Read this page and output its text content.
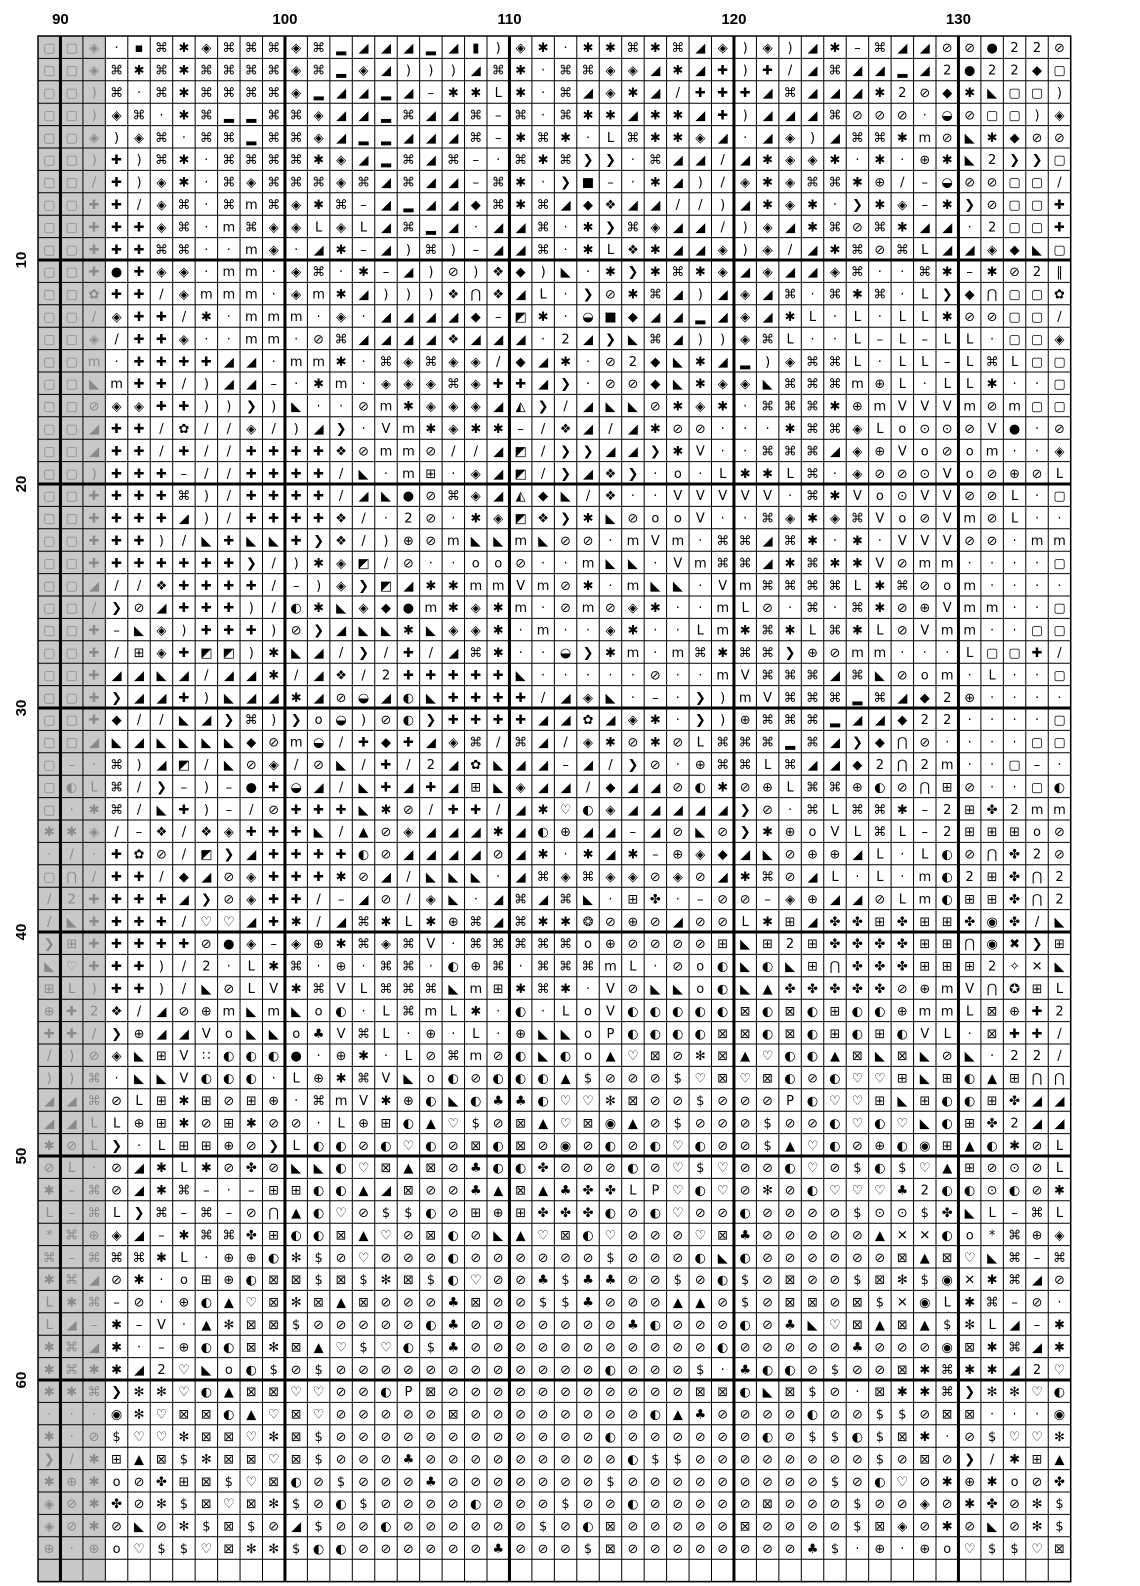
▢ ▢ ◈ · ▪ ⌘ ✱ ◈ ⌘ ⌘ ⌘ ◈ ⌘ ▂ ◢ ◢ ◢ ▂ ◢ ▮ ) ◈ ✱ · ✱ ✱ ⌘ ✱ ⌘ ◢ ◈ ) ◈ ) ◢ ✱ – ⌘ ◢ ◢ ⊘ ⊘ ● 2 2 ⊘
▢ ▢ ◈ ⌘ ✱ ⌘ ✱ ⌘ ⌘ ⌘ ⌘ ◈ ⌘ ▂ ◈ ◢ ) ) ) ◢ ⌘ ✱ · ⌘ ⌘ ◈ ◈ ◢ ✱ ◢ ✚ ) ✚ / ◢ ⌘ ◢ ◢ ▂ ◢ 2 ● 2 2 ◆ ▢
▢ ▢ ) ⌘ · ⌘ ✱ ⌘ ⌘ ⌘ ⌘ ◈ ▂ ◢ ◢ ▂ ◢ – ✱ ✱ L ✱ · ⌘ ◢ ◈ ✱ ◢ / ✚ ✚ ✚ ◢ ⌘ ◢ ◢ ◢ ✱ 2 ⊘ ◆ ✱ ◣ ▢ ▢ )
▢ ▢ ) ◈ ⌘ · ✱ ⌘ ▂ ▂ ⌘ ⌘ ◈ ◢ ◢ ▂ ⌘ ◢ ◢ ⌘ – ⌘ · ⌘ ✱ ✱ ◢ ✱ ✱ ◢ ✚ ) ◢ ◢ ◢ ⌘ ⊘ ⊘ ⊘ · ◒ ⊘ ▢ ▢ ) ◈
▢ ▢ ◈ ) ◈ ⌘ · ⌘ ⌘ ▂ ⌘ ⌘ ◈ ◢ ▂ ▂ ◢ ◢ ◢ ⌘ – ✱ ⌘ ✱ · L ⌘ ✱ ✱ ◈ ◢ · ◢ ◈ ) ◢ ⌘ ⌘ ✱ m ⊘ ◣ ✱ ◆ ⊘ ⊘
▢ ▢ ) ✚ ) ⌘ ✱ · ⌘ ⌘ ⌘ ⌘ ✱ ◈ ◢ ▂ ⌘ ◢ ⌘ – · ⌘ ✱ ⌘ ❯ ❯ · ⌘ ◢ ◢ / ◢ ✱ ◈ ◈ ✱ · ✱ · ⊕ ✱ ◣ 2 ❯ ❯ ▢
▢ ▢ / ✚ ) ◈ ✱ · ⌘ ◈ ⌘ ⌘ ⌘ ◈ ⌘ ◢ ⌘ ◢ ◢ – ⌘ ✱ · ❯ ■ – · ✱ ◢ ) / ◈ ✱ ◈ ⌘ ⌘ ✱ ⊕ / – ◒ ⊘ ⊘ ▢ ▢ /
▢ ▢ ✚ ✚ / ◈ ⌘ · ⌘ m ⌘ ◈ ✱ ⌘ – ◢ ▂ ◢ ◢ ◆ ⌘ ✱ ⌘ ◢ ◆ ❖ ◢ ◢ / / ) ◢ ✱ ◈ ✱ · ❯ ✱ ◈ – ✱ ❯ ⊘ ▢ ▢ ✚
▢ ▢ ✚ ✚ ✚ ◈ ⌘ · m ⌘ ◈ ◈ L ◈ L ◢ ⌘ ▂ ◢ · ◢ ◢ ⌘ · ✱ ❯ ⌘ ◈ ◢ ◢ / ) ◈ ◢ ✱ ⌘ ⊘ ⌘ ✱ ◢ ◢ · 2 ▢ ▢ ✚
▢ ▢ ✚ ✚ ✚ ⌘ ⌘ · · m ◈ · ◢ ✱ – ◢ ) ⌘ ) – ◢ ◢ ⌘ · ✱ L ❖ ✱ ◢ ◢ ◈ ) ◈ / ◢ ✱ ⌘ ⊘ ⌘ L ◢ ◢ ◈ ◆ ◣ ▢
▢ ▢ ✚ ● ✚ ◈ ◈ · m m · ◈ ⌘ · ✱ – ◢ ) ⊘ ) ❖ ◆ ) ◣ · ✱ ❯ ✱ ⌘ ✱ ◈ ◢ ◈ ◢ ◢ ◈ ⌘ · · ⌘ ✱ – ✱ ⊘ 2 ‖
▢ ▢ ✿ ✚ ✚ / ◈ m m m · ◈ m ✱ ◢ ) ) ) ❖ ⋂ ❖ ◢ L · ❯ ⊘ ✱ ⌘ ◢ ) ◢ ◈ ◢ ⌘ · ⌘ ✱ ⌘ · L ❯ ◆ ⋂ ▢ ▢ ✿
▢ ▢ / ◈ ✚ ✚ / ✱ · m m m · ◈ · ◢ ◢ ◢ ◢ ◆ – ◩ ✱ · ◒ ■ ◆ ◢ ◢ ▂ ◢ ◈ ◢ ✱ L · L · L L ✱ ⊘ ⊘ ▢ ▢ /
▢ ▢ ◈ / ✚ ✚ ◈ · · m m · ⊘ ⌘ ◢ ◢ ◢ ◢ ❖ ◢ ◢ ◢ · 2 ◢ ❯ ◣ ⌘ ◢ ) ) ◈ ⌘ L · · L – L – L L · ▢ ▢ ◈
▢ ▢ m · ✚ ✚ ✚ ✚ ◢ ◢ · m m ✱ · ⌘ ◈ ⌘ ◈ ◈ / ◆ ◢ ✱ · ⊘ 2 ◆ ◣ ✱ ◢ ▂ ) ◈ ⌘ ⌘ L · L L – L ⌘ L ▢ ▢
▢ ▢ ◣ m ✚ ✚ / ) ◢ ◢ – · ✱ m · ◈ ◈ ◈ ⌘ ◈ ✚ ✚ ◢ ❯ · ⊘ ⊘ ◆ ◣ ✱ ◈ ◈ ◣ ⌘ ⌘ ⌘ m ⊕ L · L L ✱ · · ▢
▢ ▢ ⊘ ◈ ◈ ✚ ✚ ) ) ❯ ) ◣ · · ⊘ m ✱ ◈ ◈ ◈ ◢ ◭ ❯ / ◢ ◣ ◣ ⊘ ✱ ◈ ✱ · ⌘ ⌘ ⌘ ✱ ⊕ m V V V m ⊘ m ▢ ▢
▢ ▢ ◢ ✚ ✚ / ✿ / / ◈ / ) ◢ ❯ · V m ✱ ◈ ✱ ✱ – / ❖ ◢ / ◢ ✱ ⊘ ⊘ · · · ✱ ⌘ ⌘ ◈ L o ⊙ ⊙ ⊘ V ● · ⊘
▢ ▢ ◢ ✚ ✚ / ✚ / / ✚ ✚ ✚ ✚ ❖ ⊘ m m ⊘ / / ◢ ◩ / ❯ ❯ ◢ ◢ ❯ ✱ V · · ⌘ ⌘ ⌘ ◢ ◈ ⊕ V o ⊘ o m · · ◈
▢ ▢ ) ✚ ✚ ✚ – / / ✚ ✚ ✚ ✚ / ◣ · m ⊞ · ◈ ◢ ◩ / ❯ ◢ ❖ ❯ · o · L ✱ ✱ L ⌘ · ◈ ⊘ ⊘ ⊙ V o ⊘ ⊕ ⊘ L
▢ ▢ ✚ ✚ ✚ ✚ ⌘ ) / ✚ ✚ ✚ ✚ / ◢ ◣ ● ⊘ ⌘ ◈ ◢ ◭ ◆ ◣ / ❖ · · V V V V V · ⌘ ✱ V o ⊙ V V ⊘ ⊘ L · ▢
▢ ▢ ✚ ✚ ✚ ✚ ◢ ) / ✚ ✚ ✚ ✚ ❖ / · 2 ⊘ · ✱ ◈ ◩ ❖ ❯ ✱ ◣ ⊘ o o V · · ⌘ ◈ ✱ ◈ ⌘ V o ⊘ V m ⊘ L · ·
▢ ▢ ✚ ✚ ✚ ) / ◣ ✚ ◣ ◣ ✚ ❯ ❖ / ) ⊕ ⊘ m ◣ ◣ m ◣ ⊘ ⊘ · m V m · ⌘ ⌘ ◢ ⌘ ✱ · ✱ · V V V ⊘ ⊘ · m m
▢ ▢ ✚ ✚ ✚ ✚ ✚ ✚ ✚ ❯ / ) ✱ ◈ ◩ / ⊘ · · o o ⊘ · · m ◣ ◣ · V m ⌘ ⌘ ◢ ✱ ⌘ ✱ ✱ V ⊘ m m · · · · ▢
▢ ▢ ◢ / / ❖ ✚ ✚ ✚ ✚ / – ) ◈ ❯ ◩ ◢ ✱ ✱ m m V m ⊘ ✱ · m ◣ ◣ · V m ⌘ ⌘ ⌘ ⌘ L ✱ ⌘ ⊘ o m · · · ·
▢ ▢ / ❯ ⊘ ◢ ✚ ✚ ✚ ) / ◐ ✱ ◣ ◈ ◆ ● m ✱ ◈ ✱ m · ⊘ m ⊘ ◈ ✱ · · m L ⊘ · ⌘ · ⌘ ✱ ⊘ ⊕ V m m · · ▢
▢ ▢ ✚ – ◣ ◈ ) ✚ ✚ ✚ ) ⊘ ❯ ◢ ◣ ◣ ✱ ◣ ◈ ◈ ✱ · m · · ◈ ✱ · · L m ✱ ⌘ ✱ L ⌘ ✱ L ⊘ V m m · · ▢ ▢
▢ ▢ ✚ / ⊞ ◈ ✚ ◩ ◩ ) ✱ ◣ ◢ / ❯ / ✚ / ◢ ⌘ ✱ · · ◒ ❯ ✱ m · m ⌘ ✱ ⌘ ⌘ ❯ ⊕ ⊘ m m · · · L ▢ ▢ ✚ /
▢ ▢ ✚ ◢ ◢ ◣ ◢ / ◢ ◢ ✱ / ◢ ❖ / 2 ✚ ✚ ✚ ✚ ✚ ◣ · · · · · ⊘ · · m V ⌘ ⌘ ⌘ ◢ ⌘ ◣ ⊘ o m · L · · ▢
▢ ▢ ✚ ❯ ◢ ◢ ✚ ) ◣ ◢ ◢ ✱ ◢ ⊘ ◒ ◢ ◐ ◣ ✚ ✚ ✚ ✚ / ◢ ◈ ◣ · – · ❯ ) m V ⌘ ⌘ ⌘ ▂ ⌘ ◢ ◆ 2 ⊕ · · · ·
▢ ▢ ✚ ◆ / / ◣ ◢ ❯ ⌘ ) ❯ o ◒ ) ⊘ ◐ ❯ ✚ ✚ ✚ ✚ ◢ ◢ ✿ ◢ ◈ ✱ · ❯ ) ⊕ ⌘ ⌘ ⌘ ▂ ◢ ◢ ◆ 2 2 · · · · ▢
▢ ▢ ◢ ◣ ◢ ◣ ◣ ◣ ◣ ◆ ⊘ m ◒ / ✚ ◆ ✚ ◢ ◈ ⌘ / ⌘ ◢ / ◈ ✱ ⊘ ✱ ⊘ L ⌘ ⌘ ⌘ ▂ ⌘ ◢ ❯ ◆ ⋂ ⊘ · · · · ▢ ▢
▢ – · ⌘ ) ◢ ◩ / ◣ ⊘ ◈ / ⊘ ◣ / ✚ / 2 ◢ ✿ ◣ ◢ ◢ – ◢ / ❯ ⊘ · ⊕ ⌘ ⌘ L ⌘ ◢ ◢ ◆ 2 ⋂ 2 m · · ▢ – ·
▢ ◐ L ⌘ / ❯ – ) – ● ✚ ◒ ◢ / ◣ ✚ ◢ ✚ ◢ ⊞ ◣ ◈ ◢ ◢ / ◆ ◢ ◢ ⊘ ◐ ✱ ⊘ ⊕ L ⌘ ⌘ ⊕ ◐ ⊘ ⋂ ⊞ ⊘ · · ▢ ◐
▢ · ✱ ⌘ / ◣ ✚ ) – / ⊘ ✚ ✚ ✚ ◣ ✱ ⊘ / ✚ ✚ / ◢ ✱ ♡ ◐ ◈ ◢ ◢ ◢ ◢ ◢ ❯ ⊘ · ⌘ L ⌘ ⌘ ✱ – 2 ⊞ ✤ 2 m m
✱ ✱ ◈ / – ❖ / ❖ ◈ ✚ ✚ ✚ ◣ / ▲ ⊘ ◈ ◢ ◢ ◢ ✱ ◢ ◐ ⊕ ◢ ◢ – ◢ ⊘ ◣ ⊘ ❯ ✱ ⊕ o V L ⌘ L – 2 ⊞ ⊞ ⊞ o ⊘
· / · ✚ ✿ ⊘ / ◩ ❯ ◢ ✚ ✚ ✚ ✚ ◐ ⊘ ◢ ◢ ◢ ◢ ⊘ ◢ ✱ · ✱ ◢ ✱ – ⊕ ◈ ◆ ◢ ◣ ⊘ ⊕ ⊕ ◢ L · L ◐ ⊘ ⋂ ✤ 2 ⊘
▢ ⋂ / ✚ ✚ / ◆ ◢ ⊘ ◈ ✚ ✚ ✚ ✱ ⊘ ◢ / ◣ ◣ ◣ · ◢ ⌘ ◈ ⌘ ◈ ◈ ⊘ ◈ ⊘ ◢ ✱ ⌘ ⊘ ◢ L · L · m ◐ 2 ⊞ ✤ ⋂ 2
/ 2 ✚ ✚ ✚ ✚ ◢ ❯ ⊘ ◈ ✚ ✚ / – ◢ ⊘ / ◈ ◣ · ◢ ⌘ ◢ ⌘ ◣ · ⊞ ✤ · – ⊘ ⊘ – ◈ ⊕ ◢ ◢ ⊘ L m ◐ ⊞ ⊞ ✤ ⋂ 2
/ ◣ ✚ ✚ ✚ ✚ / ♡ ♡ ◢ ✚ ✱ / ◢ ⌘ ✱ L ✱ ⊕ ⌘ ◢ ⌘ ✱ ✱ ❂ ⊘ ⊕ ⊘ ◢ ⊘ ⊘ L ✱ ⊞ ◢ ✤ ✤ ⊞ ✤ ⊞ ⊞ ✤ ◉ ✤ / ◣
❯ ⊞ ✚ ✚ ✚ ✚ ✚ ⊘ ● ◈ – ◈ ⊕ ✱ ⌘ ◈ ⌘ V · ⌘ ⌘ ⌘ ⌘ ⌘ o ⊕ ⊘ ⊘ ⊘ ⊘ ⊞ ◣ ⊞ 2 ⊞ ✤ ✤ ✤ ✤ ⊞ ⊞ ⋂ ◉ ✖ ❯ ⊞
◣ ♡ ✚ ✚ ✚ ) / 2 · L ✱ ⌘ · ⊕ · ⌘ ⌘ · ◐ ⊕ ⌘ · ⌘ ⌘ ⌘ m L · ⊘ o ◐ ◣ ◐ ◣ ⊞ ⋂ ✤ ✤ ✤ ⊞ ⊞ ⊞ 2 ✧ ✕ ◣
⊞ L ) ✚ ✚ ) / ◣ ⊘ L V ✱ ⌘ V L ⌘ ⌘ ⌘ ◣ m ⊞ ✱ ⌘ ✱ · V ⊘ ◣ ◣ o ◐ ◣ ▲ ✤ ✤ ✤ ✤ ✤ ⊘ ⊕ m V ⋂ ✪ ⊞ L
⊕ ✚ 2 ❖ / ◢ ⊘ ⊕ m ◣ m ◣ o ◐ · L ⌘ m L ✱ · ◐ · L o V ◐ ◐ ◐ ◐ ◐ ⊠ ◐ ⊠ ◐ ⊞ ◐ ◐ ⊕ m m L ⊠ ⊕ ✚ 2
✚ ✚ / ❯ ⊕ ◢ ◢ V o ◣ ◣ o ♣ V ⌘ L · ⊕ · L · ⊕ ◣ ◣ o P ◐ ◐ ◐ ◐ ⊠ ⊠ ◐ ⊠ ◐ ⊞ ◐ ⊞ ◐ V L · ⊠ ✚ ✚ /
/ ) ⊘ ◈ ◣ ⊞ V ∷ ◐ ◐ ◐ ● · ⊕ ✱ · L ⊘ ⌘ m ⊘ ◐ ◣ ◐ o ▲ ♡ ⊠ ⊘ ✻ ⊠ ▲ ♡ ◐ ◐ ▲ ⊠ ◣ ⊠ ◣ ⊘ ◣ · 2 2 /
) ) ⌘ · ◣ ◣ V ◐ ◐ ◐ · L ⊕ ✱ ⌘ V ◣ o ◐ ⊘ ◐ ◐ ◐ ▲ $ ⊘ ⊘ ⊘ $ ♡ ⊠ ♡ ⊠ ◐ ⊘ ◐ ♡ ♡ ⊞ ◣ ⊞ ◐ ▲ ⊞ ⋂ ⋂
◢ ◢ ⌘ ⊘ L ⊞ ✱ ⊞ ⊘ ⊞ ⊕ · ⌘ m V ✱ ⊕ ◐ ◣ ◐ ♣ ♣ ◐ ♡ ♡ ✻ ⊠ ⊘ ⊘ $ ⊘ ⊘ ⊘ P ◐ ♡ ♡ ⊞ ◣ ⊞ ◐ ◐ ⊞ ✤ ◢ ◢
◢ ◢ L L ⊕ ⊞ ✱ ⊘ ⊞ ✱ ⊘ ⊘ · L ⊕ ⊞ ◐ ▲ ♡ $ ⊘ ⊠ ▲ ♡ ⊠ ◉ ▲ ⊘ $ ⊘ ⊘ ⊘ $ ⊘ ⊘ ◐ ♡ ◐ ♡ ◣ ◐ ⊞ ✤ 2 ◢ ◢
✱ ⊘ L ❯ · L ⊞ ⊞ ⊕ ⊘ ❯ L ◐ ◐ ⊘ ◐ ♡ ◐ ⊘ ⊠ ◐ ⊠ ⊘ ◉ ⊘ ◐ ⊘ ◐ ♡ ◐ ⊘ ⊘ $ ▲ ♡ ◐ ⊘ ⊕ ◐ ◉ ⊞ ▲ ◐ ✱ ⊘ L
⊘ L · ⊘ ◢ ✱ L ✱ ⊘ ✤ ⊘ ◣ ◣ ◐ ♡ ⊠ ▲ ⊠ ⊘ ♣ ◐ ◐ ✤ ⊘ ⊘ ⊘ ◐ ⊘ ♡ $ ♡ ⊘ ⊘ ◐ ♡ ⊘ $ ◐ $ ♡ ▲ ⊞ ⊘ ⊙ ⊘ L
✱ – ⌘ ⊘ ◢ ✱ ⌘ – · – ⊞ ⊞ ◐ ◐ ▲ ◢ ⊠ ⊘ ⊘ ♣ ▲ ⊠ ▲ ♣ ✤ ✤ L P ♡ ◐ ♡ ⊘ ✻ ⊘ ◐ ♡ ♡ ♡ ♣ 2 ◐ ◐ ⊙ ◐ ⊘ ✱
L – ⌘ L ❯ ⌘ – ⌘ – ⊘ ⋂ ▲ ◐ ♡ ⊘ $ $ ◐ ⊘ ⊞ ⊕ ⊞ ✤ ✤ ✤ ◐ ⊘ ◐ ♡ ⊘ ⊘ ◐ ⊘ ⊘ ⊘ ⊘ $ ⊙ ⊙ $ ✤ ◣ L – ⌘ L
* ⌘ ⊕ ◈ ◢ – ✱ ⌘ ⌘ ✤ ⊞ ◐ ◐ ⊠ ▲ ♡ ⊘ ⊠ ◐ ⊘ ◣ ▲ ♡ ⊠ ◐ ♡ ⊘ ⊘ ⊘ ♡ ⊠ ♣ ⊘ ⊘ ⊘ ⊘ ⊘ ▲ ✕ ✕ ◐ o * ⌘ ⊕ ◈
⌘ – ⌘ ⌘ ⌘ ✱ L · ⊕ ⊕ ◐ ✻ $ ⊘ ♡ ⊘ ⊘ ⊘ ◐ ⊘ ⊘ ⊘ ⊘ ⊘ ⊘ $ ⊘ ⊘ ⊘ ◐ ◣ ◐ ⊘ ⊘ ⊘ ⊘ ⊘ ⊘ ⊠ ▲ ⊠ ♡ ◣ ⌘ – ⌘
✱ ⌘ ◢ ⊘ ✱ · o ⊞ ⊕ ◐ ⊠ ⊠ $ ⊠ $ ✻ ⊠ $ ◐ ♡ ⊘ ⊘ ♣ $ ♣ ♣ ⊘ ⊘ $ ⊘ ◐ $ ⊘ ⊠ ⊘ ⊘ $ ⊠ ✻ $ ◉ ✕ ✱ ⌘ ◢ ⊘
L ✱ ⌘ – ⊘ · ⊕ ◐ ▲ ♡ ⊠ ✻ ⊠ ▲ ⊠ ⊘ ⊘ ⊘ ♣ ⊠ ⊘ ⊘ $ $ ♣ ⊘ ⊘ ⊘ ▲ ▲ ⊘ $ ⊘ ⊠ ⊠ ⊘ ⊠ $ ✕ ◉ L ✱ ⌘ – ⊘ ·
L ◢ – ✱ – V · ▲ ✻ ⊠ ⊠ $ ⊘ ⊘ ⊘ ⊘ ⊘ ◐ ♣ ⊘ ⊘ ⊘ ⊘ ⊘ ⊘ ⊘ ♣ ◐ ⊘ ⊘ ⊘ ◐ ⊘ ♣ ◣ ♡ ⊠ ▲ ⊠ ▲ $ ✻ L ◢ – ✱
✱ ⌘ ◢ ✱ · – ⊕ ◐ ◐ ⊠ ✻ ⊠ ▲ ♡ $ ♡ ◐ $ ♣ ⊘ ⊘ ⊘ ⊘ ⊘ ⊘ ⊘ ⊘ ⊘ ⊘ ⊘ ◐ ⊘ ⊘ ⊘ ⊘ ⊘ ♣ ⊘ ⊘ ⊘ ◉ ⊠ ✱ ⌘ ◢ ✱
✱ ⌘ ✱ ✱ ◢ 2 ♡ ◣ o ◐ $ ⊘ $ ⊘ ⊘ ⊘ ⊘ ⊘ ⊘ ⊘ ⊘ ⊘ ⊘ ⊘ ⊘ ◐ ⊘ ⊘ ⊘ $ · ♣ ◐ ◐ ⊘ $ ⊘ ⊘ ⊠ ✱ ⌘ ✱ ✱ ◢ 2 ♡
✱ ✱ ⌘ ❯ ✻ ✻ ♡ ◐ ▲ ⊠ ⊠ ♡ ♡ ⊘ ⊘ ◐ P ⊠ ⊘ ⊘ ⊘ ⊘ ⊘ ⊘ ⊘ ⊘ ⊘ ⊘ ⊘ ⊠ ⊠ ◐ ◣ ⊠ $ ⊘ · ⊠ ✱ ✱ ⌘ ❯ ✻ ✻ ♡ ◐
· · · ◉ ✻ ♡ ⊠ ⊠ ◐ ▲ ♡ ⊠ ♡ ⊘ ⊘ ⊘ ⊘ ⊘ ⊠ ⊘ ⊘ ⊘ ⊘ ⊘ ⊘ ⊘ ⊘ ◐ ▲ ♣ ⊘ ⊘ ⊘ ⊘ ◐ ⊘ ⊘ $ $ ⊘ ⊠ ⊠ · · · ◉
✱ · ⊘ $ ♡ ♡ ✻ ⊠ ⊠ ♡ ✻ ⊠ $ ⊘ ⊘ ⊘ ⊘ ⊘ ⊘ ⊘ ⊘ ⊘ ⊘ ⊘ ⊘ ◐ ⊘ ⊘ ⊘ ⊘ ⊘ ⊘ ◐ ⊘ $ $ ◐ $ ⊠ ✱ · ⊘ $ ♡ ♡ ✻
❯ / ✱ ⊞ ▲ ⊠ $ ✻ ⊠ ⊠ ♡ ⊠ $ ⊘ ⊘ ⊘ ♣ ⊘ ⊘ ⊘ ⊘ ⊘ ⊘ ⊘ ⊘ ⊘ ◐ $ $ ⊘ ⊘ ⊘ ⊘ ⊘ ⊘ ⊘ ⊘ $ ⊘ ⊠ ⊘ ❯ / ✱ ⊞ ▲
✱ ⊕ ✱ o ⊘ ✤ ⊞ ⊠ $ ♡ ⊠ ◐ ⊘ $ ⊘ ⊘ ⊘ ♣ ⊘ ⊘ ⊘ ⊘ ⊘ ⊘ ⊘ $ ⊘ ⊘ ⊘ ⊘ ⊘ ⊘ ⊘ ⊘ ⊘ $ ⊘ ◐ ♡ ⊘ ✱ ⊕ ✱ o ⊘ ✤
◈ ⊘ ✱ ✤ ⊘ ✻ $ ⊠ ♡ ⊠ ✻ $ ⊘ ◐ $ ⊘ ⊘ ⊘ ⊘ ◐ ⊘ ⊘ ⊘ $ ⊘ ⊘ ◐ ⊘ ⊘ ⊘ ⊘ ⊘ ⊠ ⊘ ⊘ ⊘ $ ⊘ ⊘ ◈ ⊘ ✱ ✤ ⊘ ✻ $
◈ ⊘ ✱ ⊘ ◣ ⊘ ✻ $ ⊠ $ ⊘ ◢ $ ⊘ ⊘ ◐ ⊘ ⊘ ⊘ ⊘ ⊘ ⊘ $ ⊘ ◐ ⊠ ⊘ ⊘ ⊘ ⊘ ⊘ ⊠ ⊘ ⊘ ⊘ ⊘ $ ⊠ ◈ ⊘ ✱ ⊘ ◣ ⊘ ✻ $
⊕ · ⊕ o ♡ $ $ ♡ ⊠ ✻ ✻ $ ◐ ◐ ⊘ ⊘ ⊘ ⊘ ⊘ ⊘ ♣ ⊘ ⊘ ⊘ $ ⊠ ⊘ ⊘ ⊘ ⊘ ⊘ ⊘ ⊘ ⊘ ♣ $ · ⊕ · ⊕ o ♡ $ $ ♡ ⊠
90	100	110	120	130
10
20
30
40
50
60
